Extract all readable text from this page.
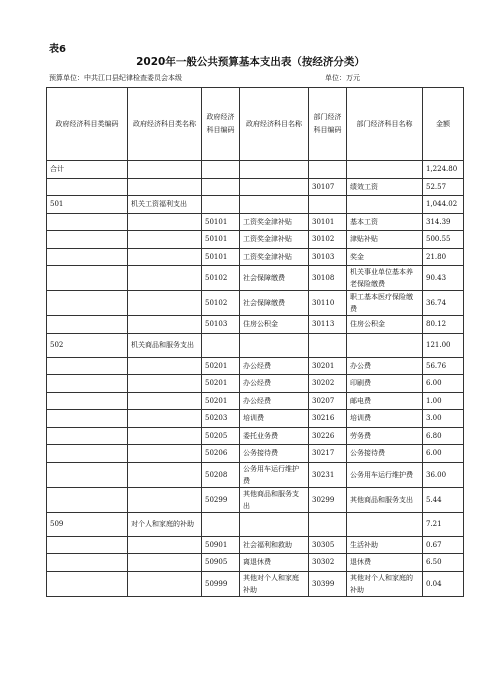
表6
2020年一般公共预算基本支出表（按经济分类）
预算单位：中共江口县纪律检查委员会本级	单位：万元
政府经济科目类编码	政府经济科目类名称	政府经济科目编码	政府经济科目名称	部门经济科目编码	部门经济科目名称	金额
合计						1,224.80
				30107	绩效工资	52.57
501	机关工资福利支出					1,044.02
		50101	工资奖金津补贴	30101	基本工资	314.39
		50101	工资奖金津补贴	30102	津贴补贴	500.55
		50101	工资奖金津补贴	30103	奖金	21.80
		50102	社会保障缴费	30108	机关事业单位基本养老保险缴费	90.43
		50102	社会保障缴费	30110	职工基本医疗保险缴费	36.74
		50103	住房公积金	30113	住房公积金	80.12
502	机关商品和服务支出					121.00
		50201	办公经费	30201	办公费	56.76
		50201	办公经费	30202	印刷费	6.00
		50201	办公经费	30207	邮电费	1.00
		50203	培训费	30216	培训费	3.00
		50205	委托业务费	30226	劳务费	6.80
		50206	公务接待费	30217	公务接待费	6.00
		50208	公务用车运行维护费	30231	公务用车运行维护费	36.00
		50299	其他商品和服务支出	30299	其他商品和服务支出	5.44
509	对个人和家庭的补助					7.21
		50901	社会福利和救助	30305	生活补助	0.67
		50905	离退休费	30302	退休费	6.50
		50999	其他对个人和家庭补助	30399	其他对个人和家庭的补助	0.04
